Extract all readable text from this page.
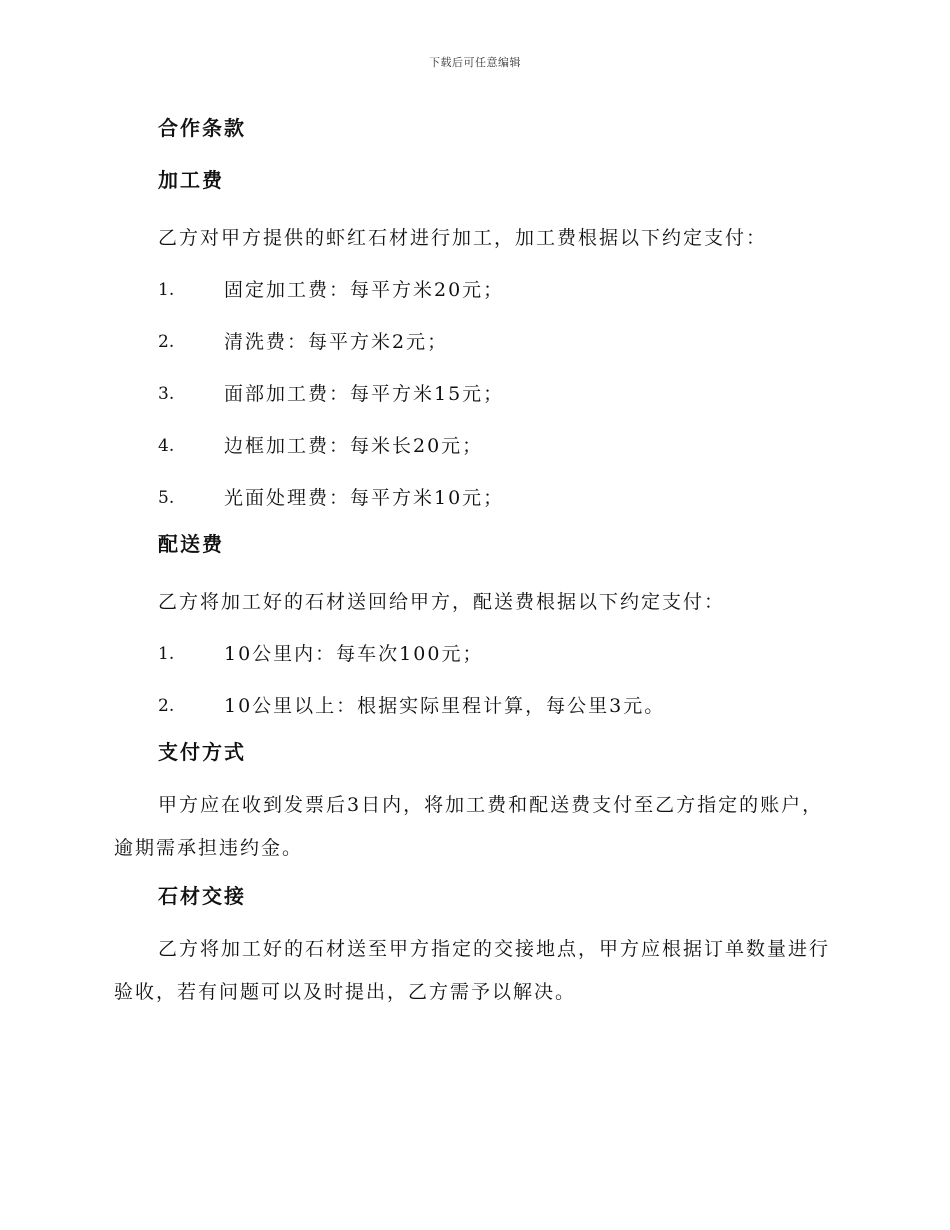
下载后可任意编辑
合作条款
加工费

乙方对甲方提供的虾红石材进行加工，加工费根据以下约定支付：

1.	固定加工费：每平方米20元；
2.	清洗费：每平方米2元；
3.	面部加工费：每平方米15元；
4.	边框加工费：每米长20元；
5.	光面处理费：每平方米10元；
配送费

乙方将加工好的石材送回给甲方，配送费根据以下约定支付：

1.	10公里内：每车次100元；
2.	10公里以上：根据实际里程计算，每公里3元。
支付方式

甲方应在收到发票后3日内，将加工费和配送费支付至乙方指定的账户，逾期需承担违约金。

石材交接

乙方将加工好的石材送至甲方指定的交接地点，甲方应根据订单数量进行验收，若有问题可以及时提出，乙方需予以解决。
